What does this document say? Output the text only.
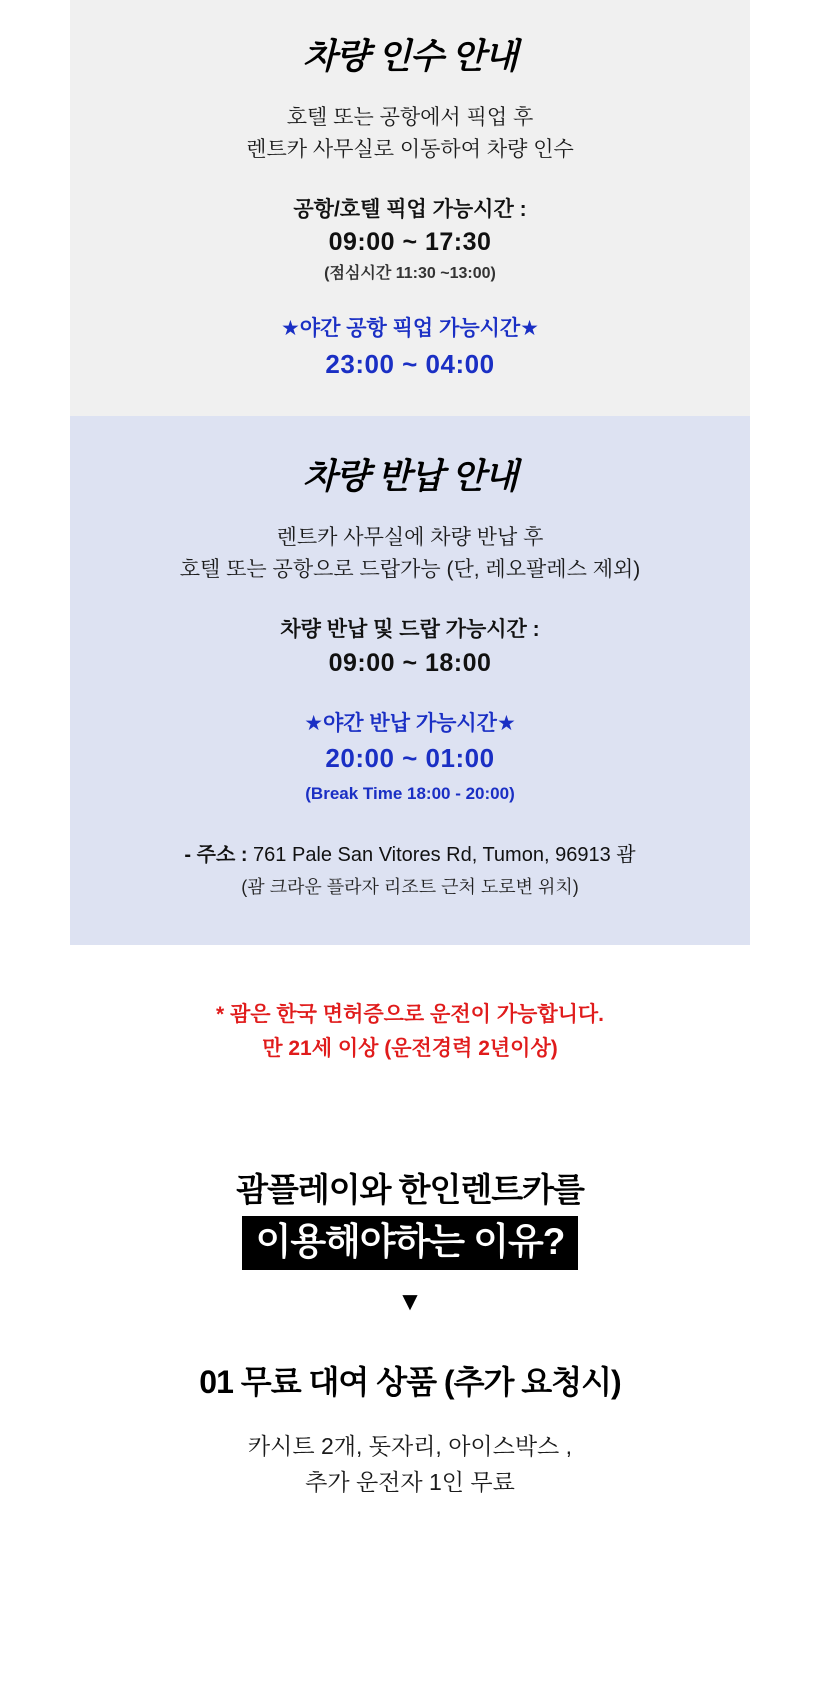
차량 인수 안내

호텔 또는 공항에서 픽업 후
렌트카 사무실로 이동하여 차량 인수

공항/호텔 픽업 가능시간 :
09:00 ~ 17:30
(점심시간 11:30 ~13:00)
★야간 공항 픽업 가능시간★
23:00 ~ 04:00
차량 반납 안내

렌트카 사무실에 차량 반납 후
호텔 또는 공항으로 드랍가능 (단, 레오팔레스 제외)

차량 반납 및 드랍 가능시간 :
09:00 ~ 18:00
★야간 반납 가능시간★
20:00 ~ 01:00
(Break Time 18:00 - 20:00)
- 주소 : 761 Pale San Vitores Rd, Tumon, 96913 괌
(괌 크라운 플라자 리조트 근처 도로변 위치)
* 괌은 한국 면허증으로 운전이 가능합니다.
만 21세 이상 (운전경력 2년이상)
괌플레이와 한인렌트카를
이용해야하는 이유?
▼
01 무료 대여 상품 (추가 요청시)
카시트 2개, 돗자리, 아이스박스 ,
추가 운전자 1인 무료
